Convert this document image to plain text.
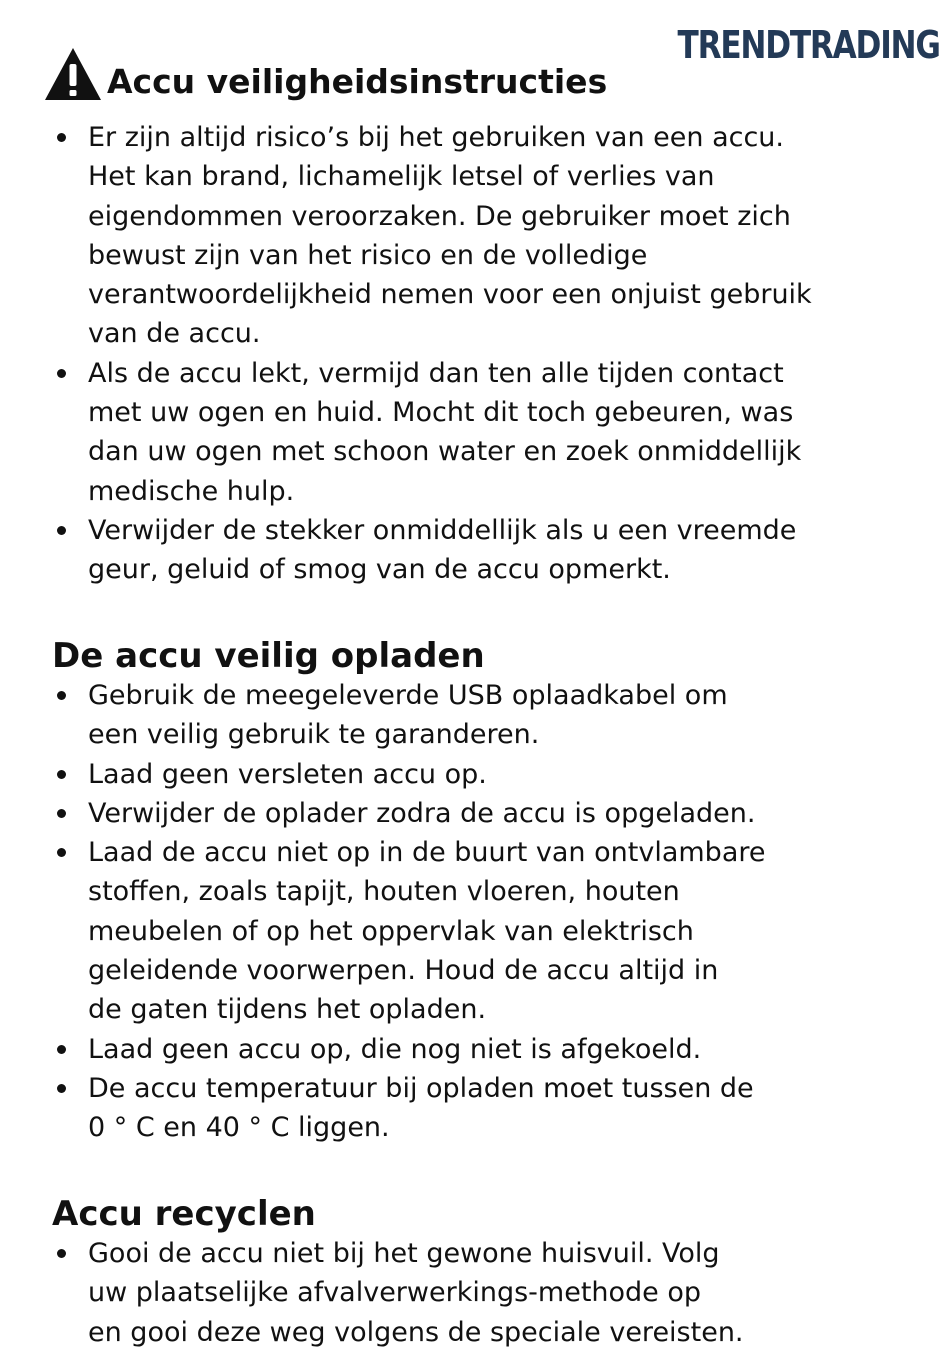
TRENDTRADING
Accu veiligheidsinstructies
Er zijn altijd risico’s bij het gebruiken van een accu.
Het kan brand, lichamelijk letsel of verlies van
eigendommen veroorzaken. De gebruiker moet zich
bewust zijn van het risico en de volledige
verantwoordelijkheid nemen voor een onjuist gebruik
van de accu.
Als de accu lekt, vermijd dan ten alle tijden contact
met uw ogen en huid. Mocht dit toch gebeuren, was
dan uw ogen met schoon water en zoek onmiddellijk
medische hulp.
Verwijder de stekker onmiddellijk als u een vreemde
geur, geluid of smog van de accu opmerkt.
De accu veilig opladen
Gebruik de meegeleverde USB oplaadkabel om
een veilig gebruik te garanderen.
Laad geen versleten accu op.
Verwijder de oplader zodra de accu is opgeladen.
Laad de accu niet op in de buurt van ontvlambare
stoffen, zoals tapijt, houten vloeren, houten
meubelen of op het oppervlak van elektrisch
geleidende voorwerpen. Houd de accu altijd in
de gaten tijdens het opladen.
Laad geen accu op, die nog niet is afgekoeld.
De accu temperatuur bij opladen moet tussen de
0 ° C en 40 ° C liggen.
Accu recyclen
Gooi de accu niet bij het gewone huisvuil. Volg
uw plaatselijke afvalverwerkings-methode op
en gooi deze weg volgens de speciale vereisten.
